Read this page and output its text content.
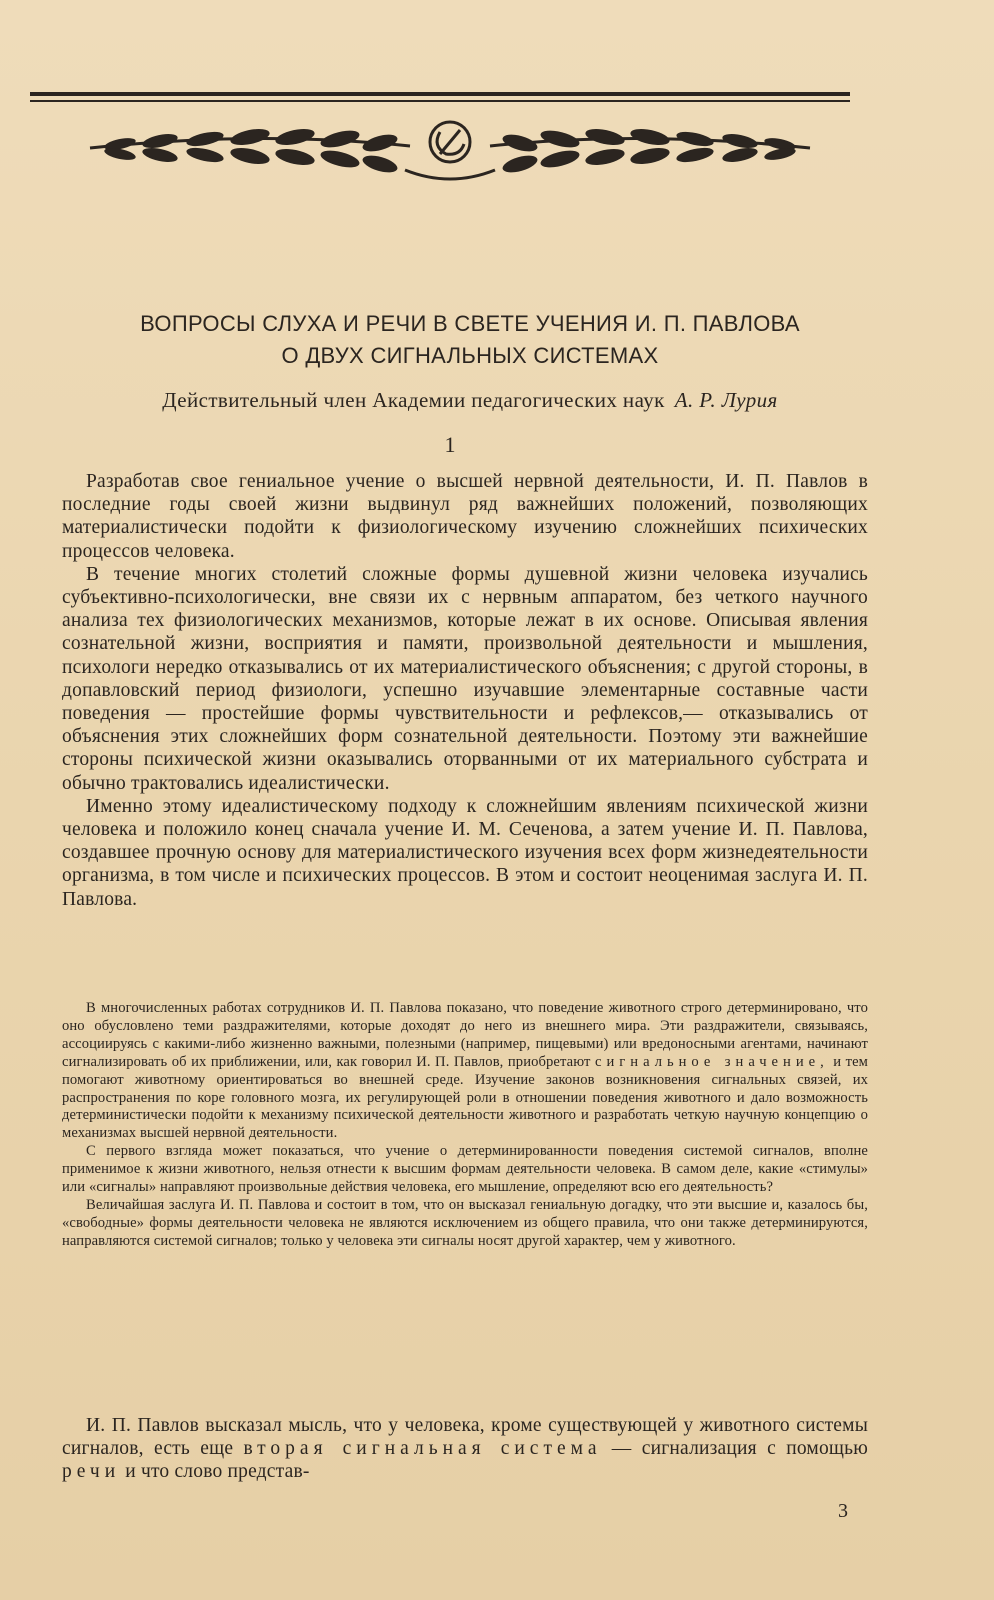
ВОПРОСЫ СЛУХА И РЕЧИ В СВЕТЕ УЧЕНИЯ И. П. ПАВЛОВА
О ДВУХ СИГНАЛЬНЫХ СИСТЕМАХ
Действительный член Академии педагогических наук А. Р. Лурия
1

Разработав свое гениальное учение о высшей нервной деятельности, И. П. Павлов в последние годы своей жизни выдвинул ряд важнейших положений, позволяющих материалистически подойти к физиологическому изучению сложнейших психических процессов человека.

В течение многих столетий сложные формы душевной жизни человека изучались субъективно-психологически, вне связи их с нервным аппаратом, без четкого научного анализа тех физиологических механизмов, которые лежат в их основе. Описывая явления сознательной жизни, восприятия и памяти, произвольной деятельности и мышления, психологи нередко отказывались от их материалистического объяснения; с другой стороны, в допавловский период физиологи, успешно изучавшие элементарные составные части поведения — простейшие формы чувствительности и рефлексов,— отказывались от объяснения этих сложнейших форм сознательной деятельности. Поэтому эти важнейшие стороны психической жизни оказывались оторванными от их материального субстрата и обычно трактовались идеалистически.

Именно этому идеалистическому подходу к сложнейшим явлениям психической жизни человека и положило конец сначала учение И. М. Сеченова, а затем учение И. П. Павлова, создавшее прочную основу для материалистического изучения всех форм жизнедеятельности организма, в том числе и психических процессов. В этом и состоит неоценимая заслуга И. П. Павлова.

В многочисленных работах сотрудников И. П. Павлова показано, что поведение животного строго детерминировано, что оно обусловлено теми раздражителями, которые доходят до него из внешнего мира. Эти раздражители, связываясь, ассоциируясь с какими-либо жизненно важными, полезными (например, пищевыми) или вредоносными агентами, начинают сигнализировать об их приближении, или, как говорил И. П. Павлов, приобретают сигнальное значение, и тем помогают животному ориентироваться во внешней среде. Изучение законов возникновения сигнальных связей, их распространения по коре головного мозга, их регулирующей роли в отношении поведения животного и дало возможность детерминистически подойти к механизму психической деятельности животного и разработать четкую научную концепцию о механизмах высшей нервной деятельности.

С первого взгляда может показаться, что учение о детерминированности поведения системой сигналов, вполне применимое к жизни животного, нельзя отнести к высшим формам деятельности человека. В самом деле, какие «стимулы» или «сигналы» направляют произвольные действия человека, его мышление, определяют всю его деятельность?

Величайшая заслуга И. П. Павлова и состоит в том, что он высказал гениальную догадку, что эти высшие и, казалось бы, «свободные» формы деятельности человека не являются исключением из общего правила, что они также детерминируются, направляются системой сигналов; только у человека эти сигналы носят другой характер, чем у животного.

И. П. Павлов высказал мысль, что у человека, кроме существующей у животного системы сигналов, есть еще вторая сигнальная система — сигнализация с помощью речи и что слово представ-

3
